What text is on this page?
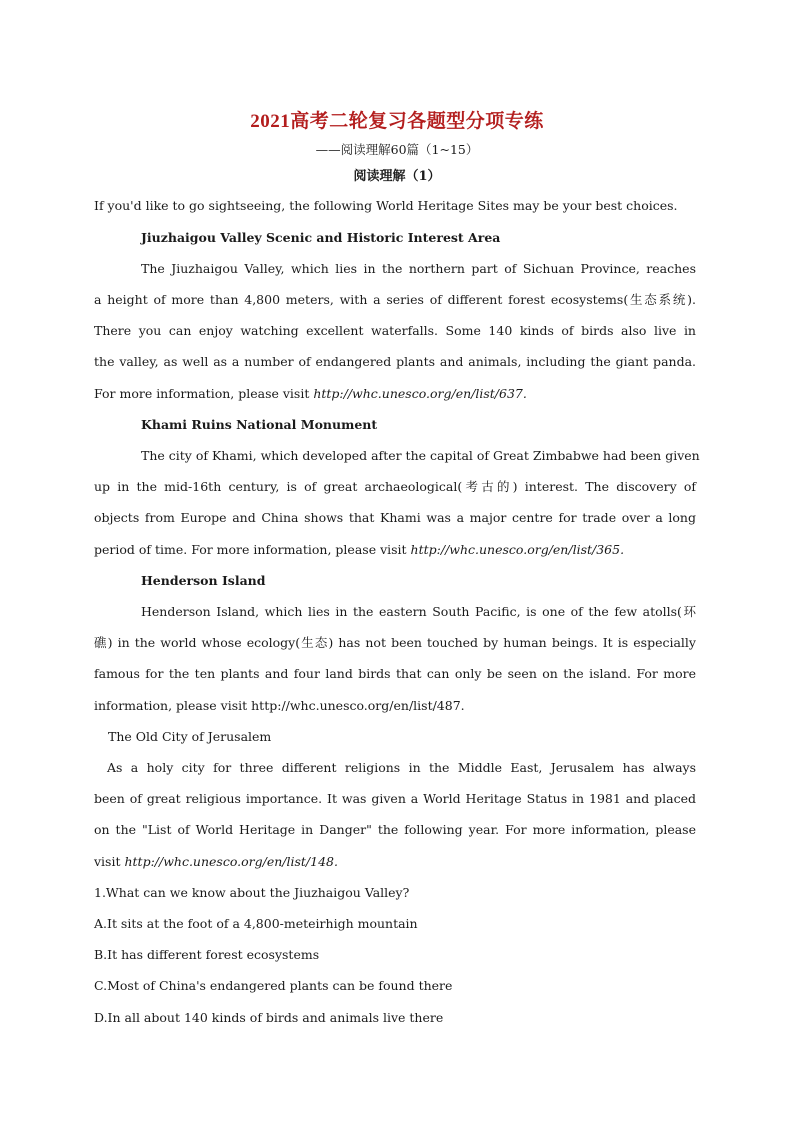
2021高考二轮复习各题型分项专练
——阅读理解60篇（1~15）
阅读理解（1）
If you'd like to go sightseeing, the following World Heritage Sites may be your best choices.
Jiuzhaigou Valley Scenic and Historic Interest Area
The Jiuzhaigou Valley, which lies in the northern part of Sichuan Province, reaches
a height of more than 4,800 meters, with a series of different forest ecosystems(生态系统).
There you can enjoy watching excellent waterfalls. Some 140 kinds of birds also live in
the valley, as well as a number of endangered plants and animals, including the giant panda.
For more information, please visit http://whc.unesco.org/en/list/637.
Khami Ruins National Monument
The city of Khami, which developed after the capital of Great Zimbabwe had been given
up in the mid-16th century, is of great archaeological(考古的) interest. The discovery of
objects from Europe and China shows that Khami was a major centre for trade over a long
period of time. For more information, please visit http://whc.unesco.org/en/list/365.
Henderson Island
Henderson Island, which lies in the eastern South Pacific, is one of the few atolls(环
礁) in the world whose ecology(生态) has not been touched by human beings. It is especially
famous for the ten plants and four land birds that can only be seen on the island. For more
information, please visit http://whc.unesco.org/en/list/487.
The Old City of Jerusalem
As a holy city for three different religions in the Middle East, Jerusalem has always
been of great religious importance. It was given a World Heritage Status in 1981 and placed
on the "List of World Heritage in Danger" the following year. For more information, please
visit http://whc.unesco.org/en/list/148.
1.What can we know about the Jiuzhaigou Valley?
A.It sits at the foot of a 4,800-meteirhigh mountain
B.It has different forest ecosystems
C.Most of China's endangered plants can be found there
D.In all about 140 kinds of birds and animals live there
